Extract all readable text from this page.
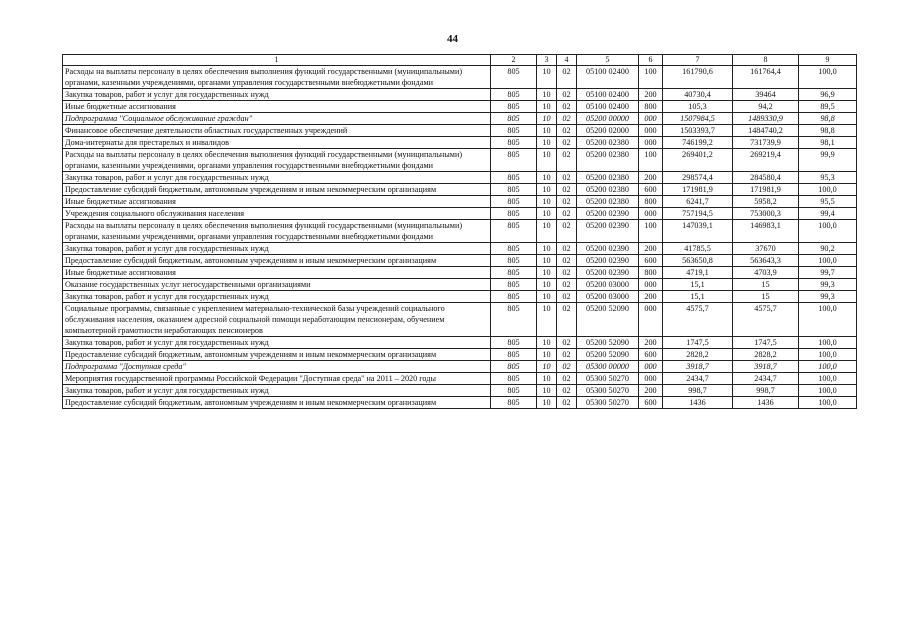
44
1	2	3	4	5	6	7	8	9
Расходы на выплаты персоналу в целях обеспечения выполнения функций государственными (муниципальными) органами, казенными учреждениями, органами управления государственными внебюджетными фондами	805	10	02	05100 02400	100	161790,6	161764,4	100,0
Закупка товаров, работ и услуг для государственных нужд	805	10	02	05100 02400	200	40730,4	39464	96,9
Иные бюджетные ассигнования	805	10	02	05100 02400	800	105,3	94,2	89,5
Подпрограмма "Социальное обслуживание граждан"	805	10	02	05200 00000	000	1507984,5	1489330,9	98,8
Финансовое обеспечение деятельности областных государственных учреждений	805	10	02	05200 02000	000	1503393,7	1484740,2	98,8
Дома-интернаты для престарелых и инвалидов	805	10	02	05200 02380	000	746199,2	731739,9	98,1
Расходы на выплаты персоналу в целях обеспечения выполнения функций государственными (муниципальными) органами, казенными учреждениями, органами управления государственными внебюджетными фондами	805	10	02	05200 02380	100	269401,2	269219,4	99,9
Закупка товаров, работ и услуг для государственных нужд	805	10	02	05200 02380	200	298574,4	284580,4	95,3
Предоставление субсидий бюджетным, автономным учреждениям и иным некоммерческим организациям	805	10	02	05200 02380	600	171981,9	171981,9	100,0
Иные бюджетные ассигнования	805	10	02	05200 02380	800	6241,7	5958,2	95,5
Учреждения социального обслуживания населения	805	10	02	05200 02390	000	757194,5	753000,3	99,4
Расходы на выплаты персоналу в целях обеспечения выполнения функций государственными (муниципальными) органами, казенными учреждениями, органами управления государственными внебюджетными фондами	805	10	02	05200 02390	100	147039,1	146983,1	100,0
Закупка товаров, работ и услуг для государственных нужд	805	10	02	05200 02390	200	41785,5	37670	90,2
Предоставление субсидий бюджетным, автономным учреждениям и иным некоммерческим организациям	805	10	02	05200 02390	600	563650,8	563643,3	100,0
Иные бюджетные ассигнования	805	10	02	05200 02390	800	4719,1	4703,9	99,7
Оказание государственных услуг негосударственными организациями	805	10	02	05200 03000	000	15,1	15	99,3
Закупка товаров, работ и услуг для государственных нужд	805	10	02	05200 03000	200	15,1	15	99,3
Социальные программы, связанные с укреплением материально-технической базы учреждений социального обслуживания населения, оказанием адресной социальной помощи неработающим пенсионерам, обучением компьютерной грамотности неработающих пенсионеров	805	10	02	05200 52090	000	4575,7	4575,7	100,0
Закупка товаров, работ и услуг для государственных нужд	805	10	02	05200 52090	200	1747,5	1747,5	100,0
Предоставление субсидий бюджетным, автономным учреждениям и иным некоммерческим организациям	805	10	02	05200 52090	600	2828,2	2828,2	100,0
Подпрограмма "Доступная среда"	805	10	02	05300 00000	000	3918,7	3918,7	100,0
Мероприятия государственной программы Российской Федерации "Доступная среда" на 2011 – 2020 годы	805	10	02	05300 50270	000	2434,7	2434,7	100,0
Закупка товаров, работ и услуг для государственных нужд	805	10	02	05300 50270	200	998,7	998,7	100,0
Предоставление субсидий бюджетным, автономным учреждениям и иным некоммерческим организациям	805	10	02	05300 50270	600	1436	1436	100,0
